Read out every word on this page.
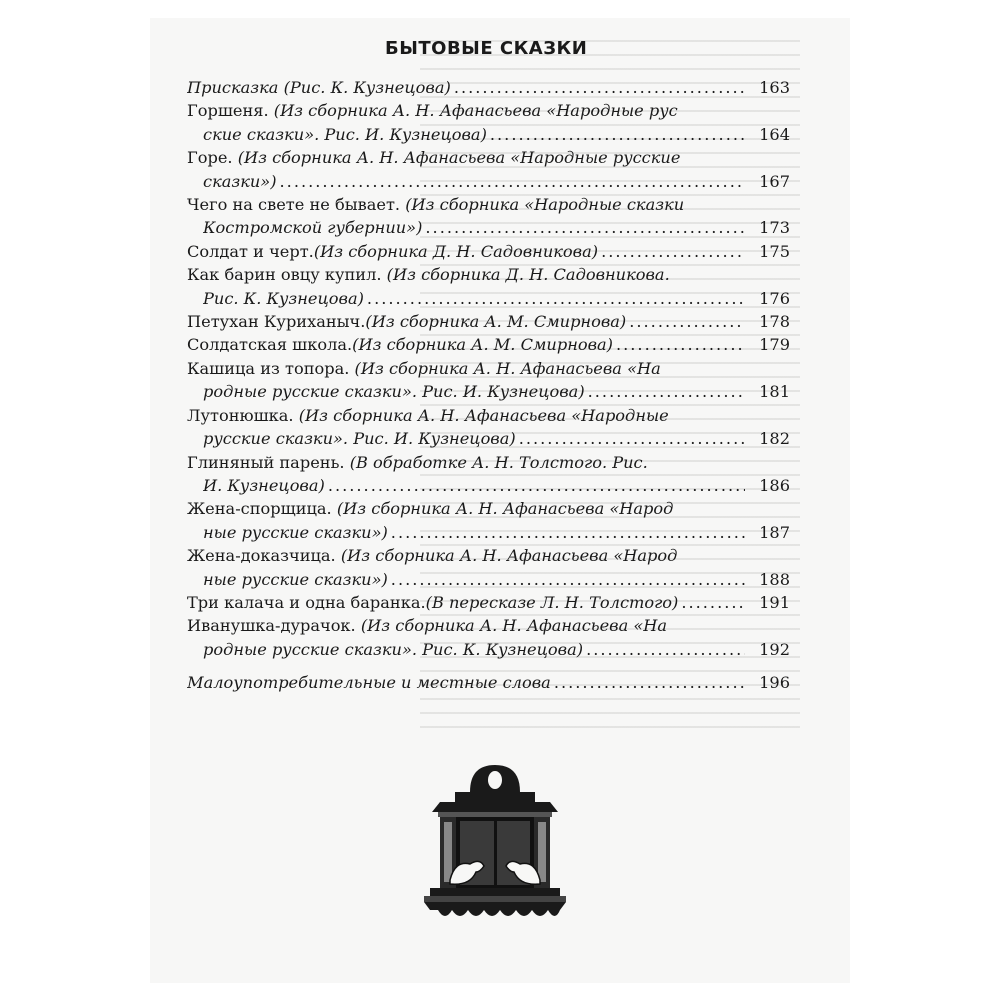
БЫТОВЫЕ СКАЗКИ
Присказка (Рис. К. Кузнецова) .....	163
Горшеня. (Из сборника А. Н. Афанасьева «Народные рус
ские сказки». Рис. И. Кузнецова) .....	164
Горе. (Из сборника А. Н. Афанасьева «Народные русские
сказки») .....	167
Чего на свете не бывает. (Из сборника «Народные сказки
Костромской губернии») .....	173
Солдат и черт. (Из сборника Д. Н. Садовникова) .....	175
Как барин овцу купил. (Из сборника Д. Н. Садовникова.
Рис. К. Кузнецова) .....	176
Петухан Куриханыч. (Из сборника А. М. Смирнова) .....	178
Солдатская школа. (Из сборника А. М. Смирнова) .....	179
Кашица из топора. (Из сборника А. Н. Афанасьева «На
родные русские сказки». Рис. И. Кузнецова) .....	181
Лутонюшка. (Из сборника А. Н. Афанасьева «Народные
русские сказки». Рис. И. Кузнецова) .....	182
Глиняный парень. (В обработке А. Н. Толстого. Рис.
И. Кузнецова) .....	186
Жена-спорщица. (Из сборника А. Н. Афанасьева «Народ
ные русские сказки») .....	187
Жена-доказчица. (Из сборника А. Н. Афанасьева «Народ
ные русские сказки») .....	188
Три калача и одна баранка. (В пересказе Л. Н. Толстого) .....	191
Иванушка-дурачок. (Из сборника А. Н. Афанасьева «На
родные русские сказки». Рис. К. Кузнецова) .....	192
Малоупотребительные и местные слова .....	196
